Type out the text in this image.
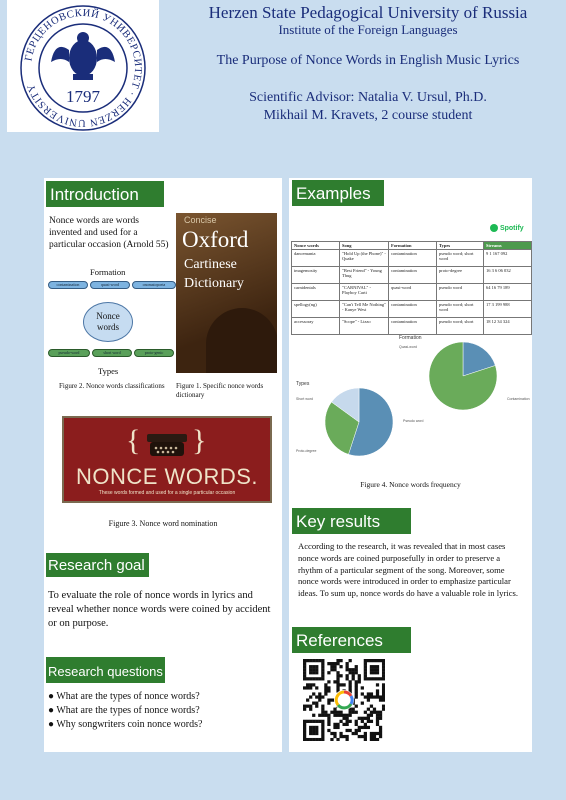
ГЕРЦЕНОВСКИЙ УНИВЕРСИТЕТ · HERZEN UNIVERSITY	1797
Herzen State Pedagogical University of Russia
Institute of the Foreign Languages
The Purpose of Nonce Words in English Music Lyrics
Scientific Advisor: Natalia V. Ursul, Ph.D.
Mikhail M. Kravets, 2 course student
Introduction
Nonce words are words invented and used for a particular occasion (Arnold 55)
Formation
contamination	quasi-word	onomatopoeia
Nonce words
pseudo-word	short word	proto-genic
Types
Figure 2. Nonce words classifications
Concise
Oxford
Cartinese
Dictionary
Figure 1. Specific nonce words dictionary
{ }
NONCE WORDS.
These words formed and used for a single particular occasion
Figure 3. Nonce word nomination
Research goal
To evaluate the role of nonce words in lyrics and reveal whether nonce words were coined by accident or on purpose.
Research questions
● What are the types of nonce words?
● What are the types of nonce words?
● Why songwriters coin nonce words?
Examples
Spotify
Nonce words	Song	Formation	Types	Streams
dancemania	"Hold Up (the Phone)" - Quake	contamination	pseudo word; short word	9 1 167 092
imagemosity	"Best Friend" - Young Thug	contamination	proto-degree	16 3 6 06 032
carnidentals	"CARNIVAL" - Playboy Carti	quasi-word	pseudo word	64 16 79 189
spellogy(ng)	"Can't Tell Me Nothing" - Kanye West	contamination	pseudo word; short word	17 3 199 988
accessoray	"Scope" - Lizzo	contamination	pseudo word; short	18 12 34 324
Formation
Quasi-word
Contamination
Types
Pseudo word
Short word
Proto-degree
Figure 4. Nonce words frequency
Key results
According to the research, it was revealed that in most cases nonce words are coined purposefully in order to preserve a rhythm of a particular segment of the song. Moreover, some nonce words were introduced in order to emphasize particular ideas. To sum up, nonce words do have a valuable role in lyrics.
References
